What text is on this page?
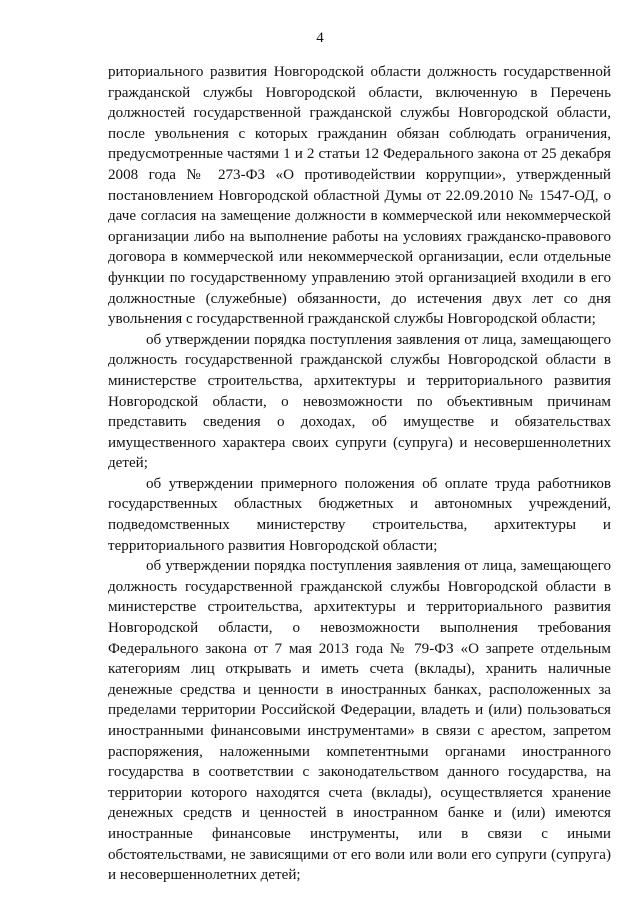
4

риториального развития Новгородской области должность государственной гражданской службы Новгородской области, включенную в Перечень должностей государственной гражданской службы Новгородской области, после увольнения с которых гражданин обязан соблюдать ограничения, предусмотренные частями 1 и 2 статьи 12 Федерального закона от 25 декабря 2008 года № 273-ФЗ «О противодействии коррупции», утвержденный постановлением Новгородской областной Думы от 22.09.2010 № 1547-ОД, о даче согласия на замещение должности в коммерческой или некоммерческой организации либо на выполнение работы на условиях гражданско-правового договора в коммерческой или некоммерческой организации, если отдельные функции по государственному управлению этой организацией входили в его должностные (служебные) обязанности, до истечения двух лет со дня увольнения с государственной гражданской службы Новгородской области;

об утверждении порядка поступления заявления от лица, замещающего должность государственной гражданской службы Новгородской области в министерстве строительства, архитектуры и территориального развития Новгородской области, о невозможности по объективным причинам представить сведения о доходах, об имуществе и обязательствах имущественного характера своих супруги (супруга) и несовершеннолетних детей;

об утверждении примерного положения об оплате труда работников государственных областных бюджетных и автономных учреждений, подведомственных министерству строительства, архитектуры и территориального развития Новгородской области;

об утверждении порядка поступления заявления от лица, замещающего должность государственной гражданской службы Новгородской области в министерстве строительства, архитектуры и территориального развития Новгородской области, о невозможности выполнения требования Федерального закона от 7 мая 2013 года № 79-ФЗ «О запрете отдельным категориям лиц открывать и иметь счета (вклады), хранить наличные денежные средства и ценности в иностранных банках, расположенных за пределами территории Российской Федерации, владеть и (или) пользоваться иностранными финансовыми инструментами» в связи с арестом, запретом распоряжения, наложенными компетентными органами иностранного государства в соответствии с законодательством данного государства, на территории которого находятся счета (вклады), осуществляется хранение денежных средств и ценностей в иностранном банке и (или) имеются иностранные финансовые инструменты, или в связи с иными обстоятельствами, не зависящими от его воли или воли его супруги (супруга) и несовершеннолетних детей;
